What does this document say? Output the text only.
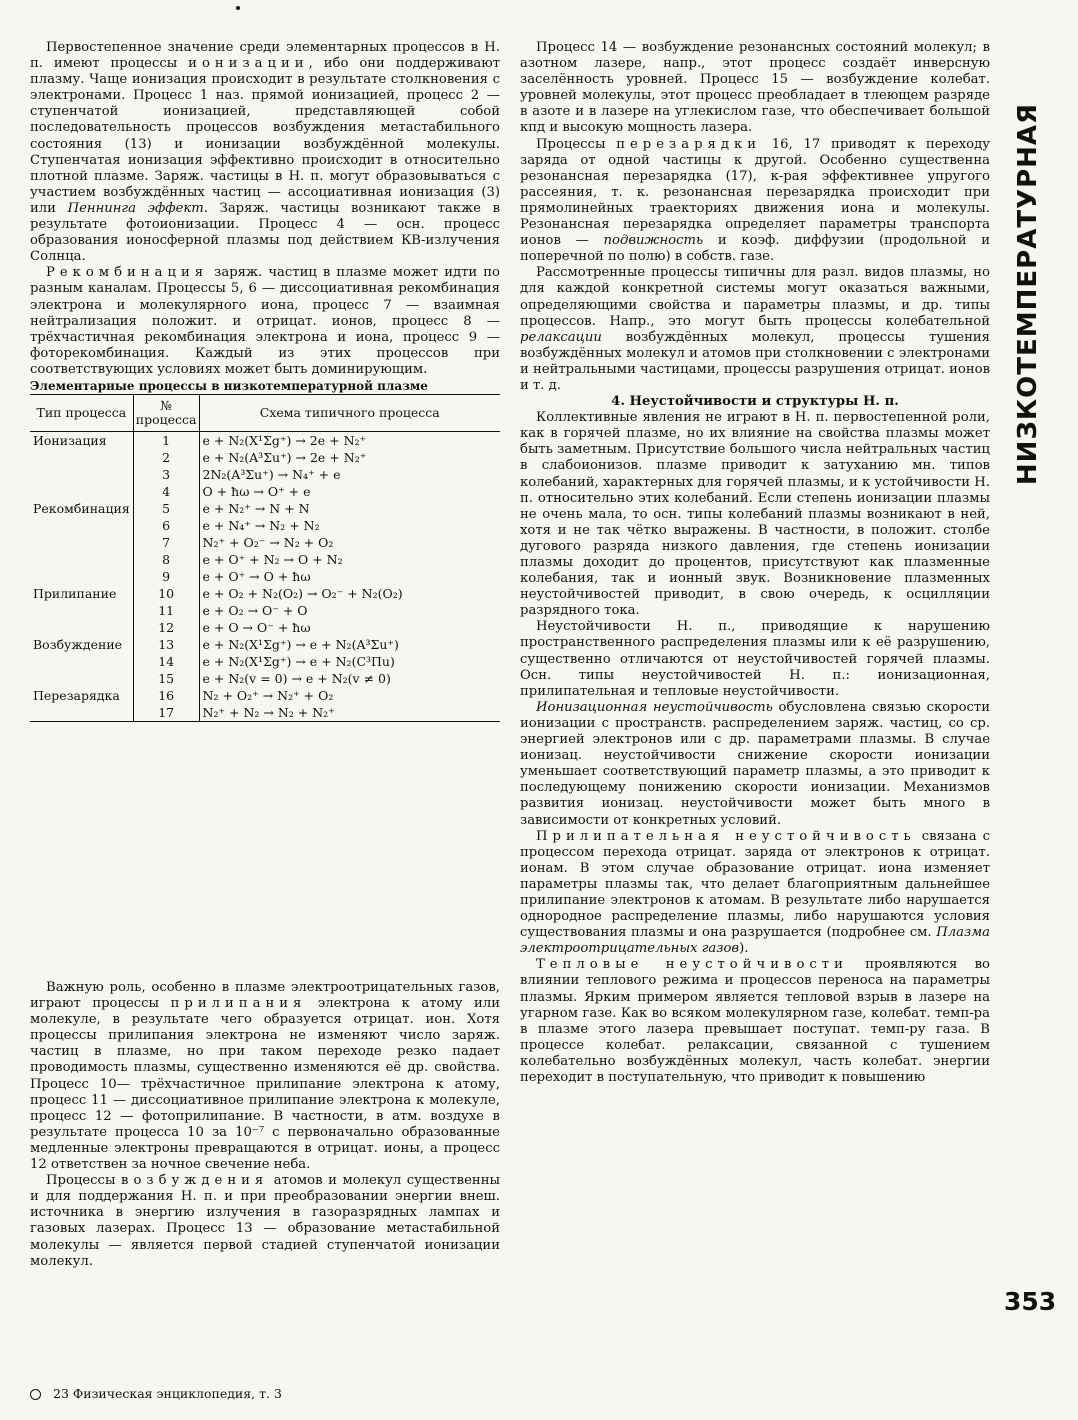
Первостепенное значение среди элементарных процессов в Н. п. имеют процессы ионизации, ибо они поддерживают плазму. Чаще ионизация происходит в результате столкновения с электронами. Процесс 1 наз. прямой ионизацией, процесс 2 — ступенчатой ионизацией, представляющей собой последовательность процессов возбуждения метастабильного состояния (13) и ионизации возбуждённой молекулы. Ступенчатая ионизация эффективно происходит в относительно плотной плазме. Заряж. частицы в Н. п. могут образовываться с участием возбуждённых частиц — ассоциативная ионизация (3) или Пеннинга эффект. Заряж. частицы возникают также в результате фотоионизации. Процесс 4 — осн. процесс образования ионосферной плазмы под действием КВ-излучения Солнца.

Рекомбинация заряж. частиц в плазме может идти по разным каналам. Процессы 5, 6 — диссоциативная рекомбинация электрона и молекулярного иона, процесс 7 — взаимная нейтрализация положит. и отрицат. ионов, процесс 8 — трёхчастичная рекомбинация электрона и иона, процесс 9 — фоторекомбинация. Каждый из этих процессов при соответствующих условиях может быть доминирующим.

Элементарные процессы в низкотемпературной плазме

Тип процесса	№ процесса	Схема типичного процесса
Ионизация	1	e + N₂(X¹Σg⁺) → 2e + N₂⁺
	2	e + N₂(A³Σu⁺) → 2e + N₂⁺
	3	2N₂(A³Σu⁺) → N₄⁺ + e
	4	O + ħω → O⁺ + e
Рекомбинация	5	e + N₂⁺ → N + N
	6	e + N₄⁺ → N₂ + N₂
	7	N₂⁺ + O₂⁻ → N₂ + O₂
	8	e + O⁺ + N₂ → O + N₂
	9	e + O⁺ → O + ħω
Прилипание	10	e + O₂ + N₂(O₂) → O₂⁻ + N₂(O₂)
	11	e + O₂ → O⁻ + O
	12	e + O → O⁻ + ħω
Возбуждение	13	e + N₂(X¹Σg⁺) → e + N₂(A³Σu⁺)
	14	e + N₂(X¹Σg⁺) → e + N₂(C³Πu)
	15	e + N₂(v = 0) → e + N₂(v ≠ 0)
Перезарядка	16	N₂ + O₂⁺ → N₂⁺ + O₂
	17	N₂⁺ + N₂ → N₂ + N₂⁺

Важную роль, особенно в плазме электроотрицательных газов, играют процессы прилипания электрона к атому или молекуле, в результате чего образуется отрицат. ион. Хотя процессы прилипания электрона не изменяют число заряж. частиц в плазме, но при таком переходе резко падает проводимость плазмы, существенно изменяются её др. свойства. Процесс 10— трёхчастичное прилипание электрона к атому, процесс 11 — диссоциативное прилипание электрона к молекуле, процесс 12 — фотоприлипание. В частности, в атм. воздухе в результате процесса 10 за 10⁻⁷ с первоначально образованные медленные электроны превращаются в отрицат. ионы, а процесс 12 ответствен за ночное свечение неба.

Процессы возбуждения атомов и молекул существенны и для поддержания Н. п. и при преобразовании энергии внеш. источника в энергию излучения в газоразрядных лампах и газовых лазерах. Процесс 13 — образование метастабильной молекулы — является первой стадией ступенчатой ионизации молекул.

Процесс 14 — возбуждение резонансных состояний молекул; в азотном лазере, напр., этот процесс создаёт инверсную заселённость уровней. Процесс 15 — возбуждение колебат. уровней молекулы, этот процесс преобладает в тлеющем разряде в азоте и в лазере на углекислом газе, что обеспечивает большой кпд и высокую мощность лазера.

Процессы перезарядки 16, 17 приводят к переходу заряда от одной частицы к другой. Особенно существенна резонансная перезарядка (17), к-рая эффективнее упругого рассеяния, т. к. резонансная перезарядка происходит при прямолинейных траекториях движения иона и молекулы. Резонансная перезарядка определяет параметры транспорта ионов — подвижность и коэф. диффузии (продольной и поперечной по полю) в собств. газе.

Рассмотренные процессы типичны для разл. видов плазмы, но для каждой конкретной системы могут оказаться важными, определяющими свойства и параметры плазмы, и др. типы процессов. Напр., это могут быть процессы колебательной релаксации возбуждённых молекул, процессы тушения возбуждённых молекул и атомов при столкновении с электронами и нейтральными частицами, процессы разрушения отрицат. ионов и т. д.

4. Неустойчивости и структуры Н. п.

Коллективные явления не играют в Н. п. первостепенной роли, как в горячей плазме, но их влияние на свойства плазмы может быть заметным. Присутствие большого числа нейтральных частиц в слабоионизов. плазме приводит к затуханию мн. типов колебаний, характерных для горячей плазмы, и к устойчивости Н. п. относительно этих колебаний. Если степень ионизации плазмы не очень мала, то осн. типы колебаний плазмы возникают в ней, хотя и не так чётко выражены. В частности, в положит. столбе дугового разряда низкого давления, где степень ионизации плазмы доходит до процентов, присутствуют как плазменные колебания, так и ионный звук. Возникновение плазменных неустойчивостей приводит, в свою очередь, к осцилляции разрядного тока.

Неустойчивости Н. п., приводящие к нарушению пространственного распределения плазмы или к её разрушению, существенно отличаются от неустойчивостей горячей плазмы. Осн. типы неустойчивостей Н. п.: ионизационная, прилипательная и тепловые неустойчивости.

Ионизационная неустойчивость обусловлена связью скорости ионизации с пространств. распределением заряж. частиц, со ср. энергией электронов или с др. параметрами плазмы. В случае ионизац. неустойчивости снижение скорости ионизации уменьшает соответствующий параметр плазмы, а это приводит к последующему понижению скорости ионизации. Механизмов развития ионизац. неустойчивости может быть много в зависимости от конкретных условий.

Прилипательная неустойчивость связана с процессом перехода отрицат. заряда от электронов к отрицат. ионам. В этом случае образование отрицат. иона изменяет параметры плазмы так, что делает благоприятным дальнейшее прилипание электронов к атомам. В результате либо нарушается однородное распределение плазмы, либо нарушаются условия существования плазмы и она разрушается (подробнее см. Плазма электроотрицательных газов).

Тепловые неустойчивости проявляются во влиянии теплового режима и процессов переноса на параметры плазмы. Ярким примером является тепловой взрыв в лазере на угарном газе. Как во всяком молекулярном газе, колебат. темп-ра в плазме этого лазера превышает поступат. темп-ру газа. В процессе колебат. релаксации, связанной с тушением колебательно возбуждённых молекул, часть колебат. энергии переходит в поступательную, что приводит к повышению

НИЗКОТЕМПЕРАТУРНАЯ
353
23 Физическая энциклопедия, т. 3
